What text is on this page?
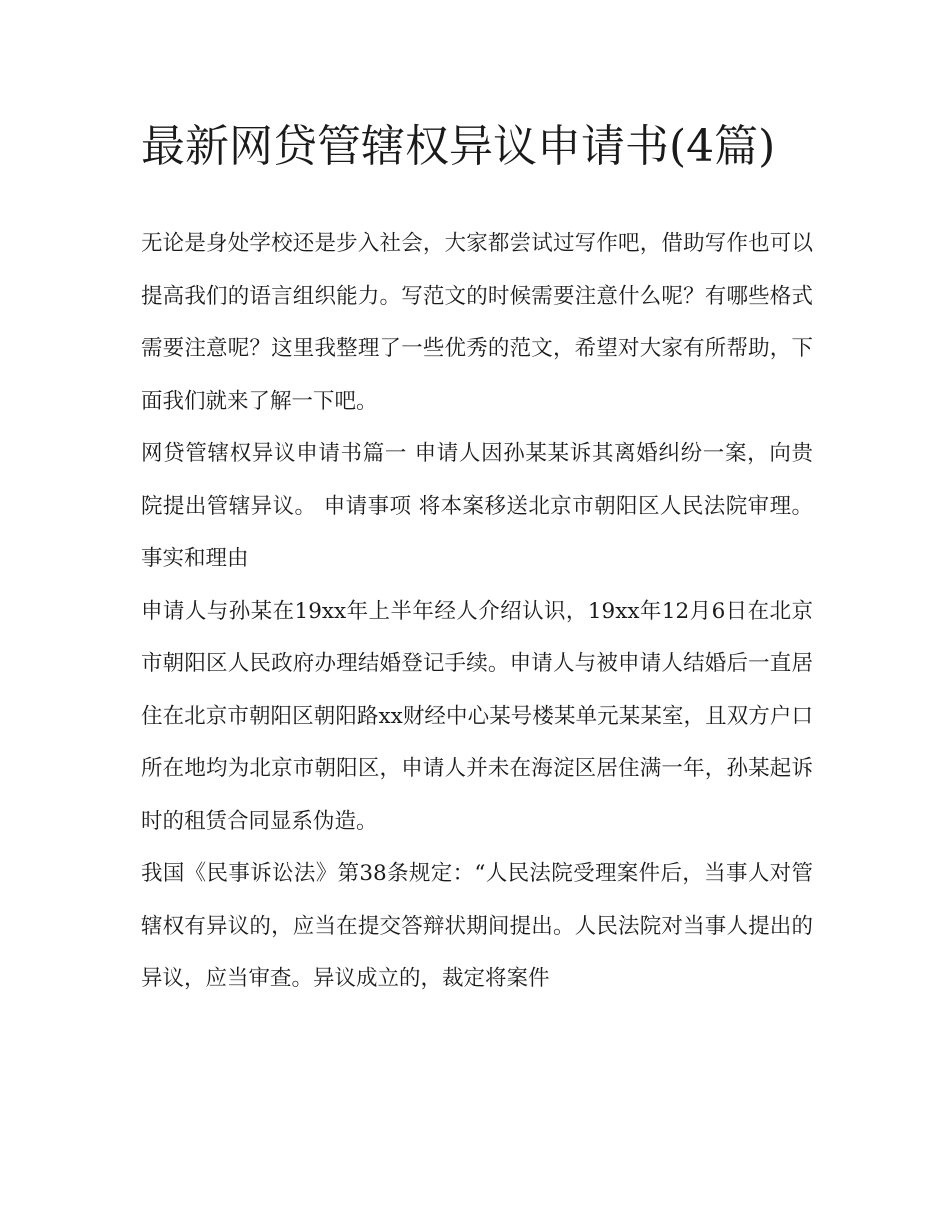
最新网贷管辖权异议申请书(4篇)

无论是身处学校还是步入社会，大家都尝试过写作吧，借助写作也可以提高我们的语言组织能力。写范文的时候需要注意什么呢？有哪些格式需要注意呢？这里我整理了一些优秀的范文，希望对大家有所帮助，下面我们就来了解一下吧。

网贷管辖权异议申请书篇一 申请人因孙某某诉其离婚纠纷一案，向贵院提出管辖异议。 申请事项 将本案移送北京市朝阳区人民法院审理。 事实和理由

申请人与孙某在19xx年上半年经人介绍认识，19xx年12月6日在北京市朝阳区人民政府办理结婚登记手续。申请人与被申请人结婚后一直居住在北京市朝阳区朝阳路xx财经中心某号楼某单元某某室，且双方户口所在地均为北京市朝阳区，申请人并未在海淀区居住满一年，孙某起诉时的租赁合同显系伪造。

我国《民事诉讼法》第38条规定：“人民法院受理案件后，当事人对管辖权有异议的，应当在提交答辩状期间提出。人民法院对当事人提出的异议，应当审查。异议成立的，裁定将案件
